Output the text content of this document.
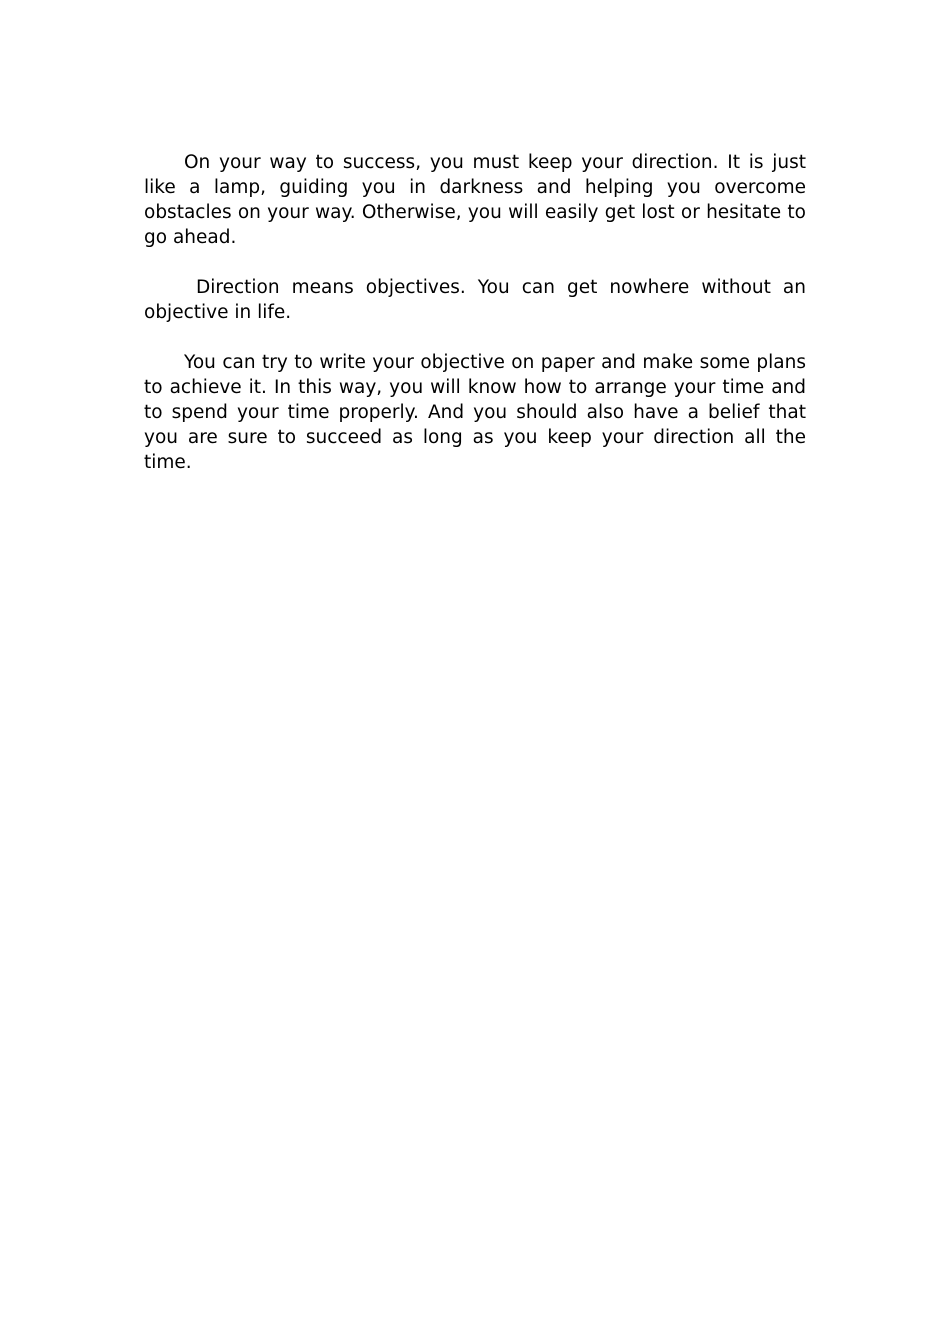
On your way to success, you must keep your direction. It is just like a lamp, guiding you in darkness and helping you overcome obstacles on your way. Otherwise, you will easily get lost or hesitate to go ahead.

Direction means objectives. You can get nowhere without an objective in life.

You can try to write your objective on paper and make some plans to achieve it. In this way, you will know how to arrange your time and to spend your time properly. And you should also have a belief that you are sure to succeed as long as you keep your direction all the time.
